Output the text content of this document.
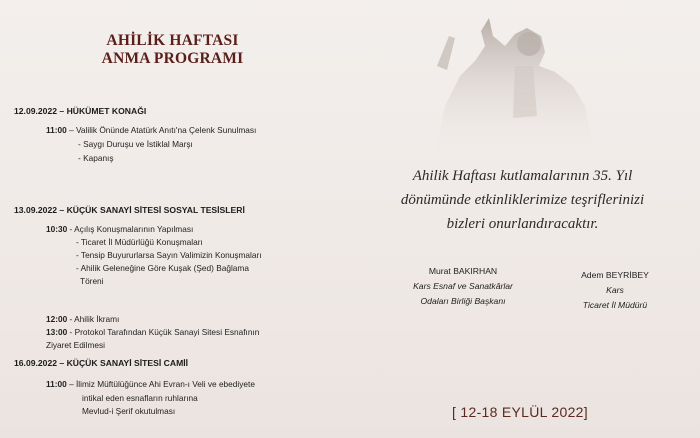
AHİLİK HAFTASI
ANMA PROGRAMI
12.09.2022 – HÜKÜMET KONAĞI
11:00 – Valilik Önünde Atatürk Anıtı'na Çelenk Sunulması
- Saygı Duruşu ve İstiklal Marşı
- Kapanış
13.09.2022 – KÜÇÜK SANAYİ SİTESİ SOSYAL TESİSLERİ
10:30 - Açılış Konuşmalarının Yapılması
- Ticaret İl Müdürlüğü Konuşmaları
- Tensip Buyururlarsa Sayın Valimizin Konuşmaları
- Ahilik Geleneğine Göre Kuşak (Şed) Bağlama
Töreni
12:00 - Ahilik İkramı
13:00 - Protokol Tarafından Küçük Sanayi Sitesi Esnafının
Ziyaret Edilmesi
16.09.2022 – KÜÇÜK SANAYİ SİTESİ CAMİİ
11:00 – İlimiz Müftülüğünce Ahi Evran-ı Veli ve ebediyete
intikal eden esnafların ruhlarına
Mevlud-i Şerif okutulması
Ahilik Haftası kutlamalarının 35. Yıl
dönümünde etkinliklerimize teşriflerinizi
bizleri onurlandıracaktır.
Murat BAKIRHAN
Kars Esnaf ve Sanatkârlar
Odaları Birliği Başkanı
Adem BEYRİBEY
Kars
Ticaret İl Müdürü
[ 12-18 EYLÜL 2022]
